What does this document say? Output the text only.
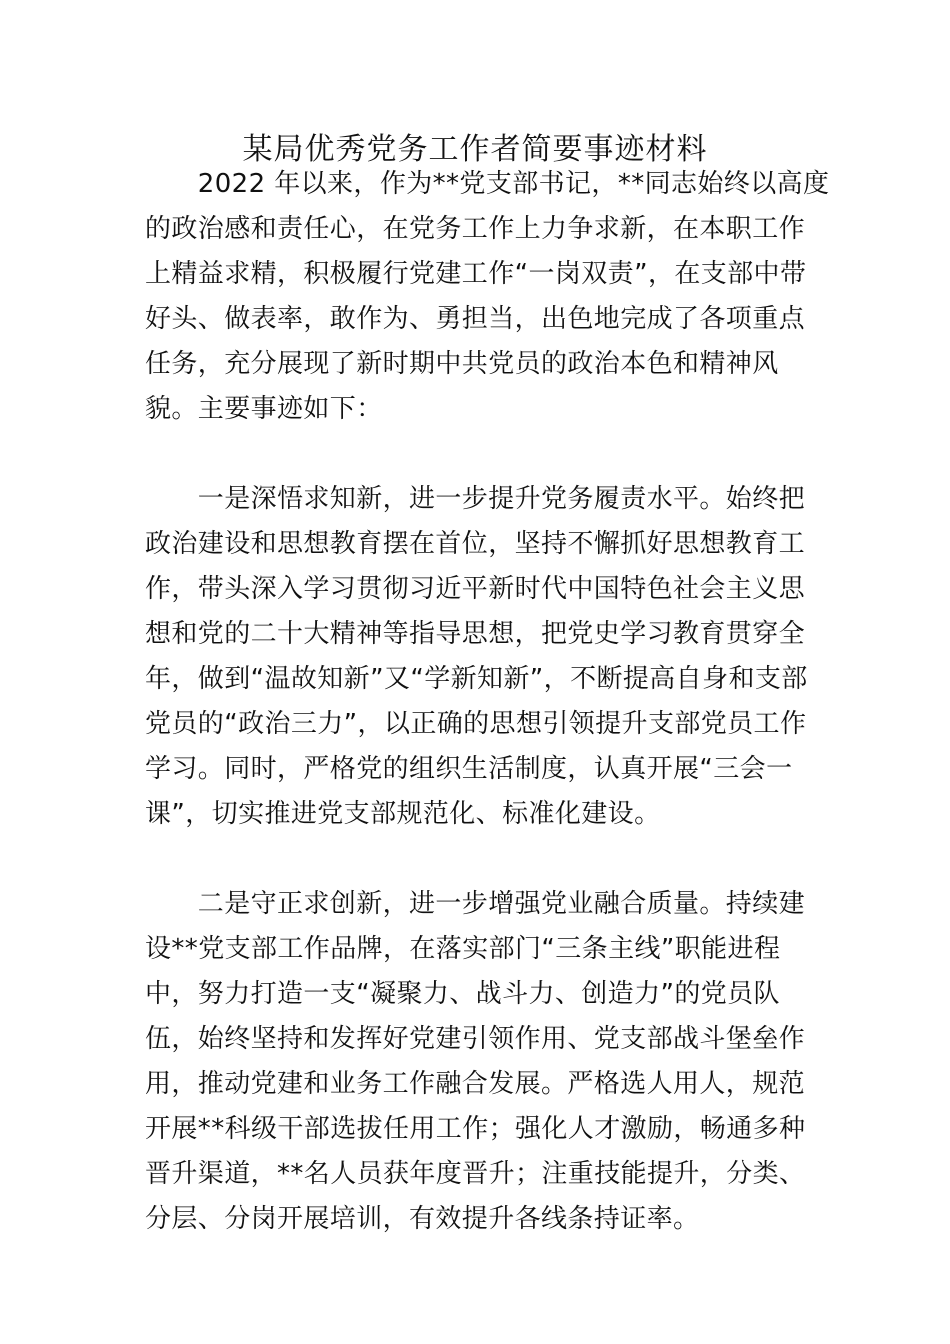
某局优秀党务工作者简要事迹材料
　　2022 年以来，作为**党支部书记，**同志始终以高度
的政治感和责任心，在党务工作上力争求新，在本职工作
上精益求精，积极履行党建工作“一岗双责”，在支部中带
好头、做表率，敢作为、勇担当，出色地完成了各项重点
任务，充分展现了新时期中共党员的政治本色和精神风
貌。主要事迹如下：
　　一是深悟求知新，进一步提升党务履责水平。始终把
政治建设和思想教育摆在首位，坚持不懈抓好思想教育工
作，带头深入学习贯彻习近平新时代中国特色社会主义思
想和党的二十大精神等指导思想，把党史学习教育贯穿全
年，做到“温故知新”又“学新知新”，不断提高自身和支部
党员的“政治三力”，以正确的思想引领提升支部党员工作
学习。同时，严格党的组织生活制度，认真开展“三会一
课”，切实推进党支部规范化、标准化建设。
　　二是守正求创新，进一步增强党业融合质量。持续建
设**党支部工作品牌，在落实部门“三条主线”职能进程
中，努力打造一支“凝聚力、战斗力、创造力”的党员队
伍，始终坚持和发挥好党建引领作用、党支部战斗堡垒作
用，推动党建和业务工作融合发展。严格选人用人，规范
开展**科级干部选拔任用工作；强化人才激励，畅通多种
晋升渠道，**名人员获年度晋升；注重技能提升，分类、
分层、分岗开展培训，有效提升各线条持证率。
